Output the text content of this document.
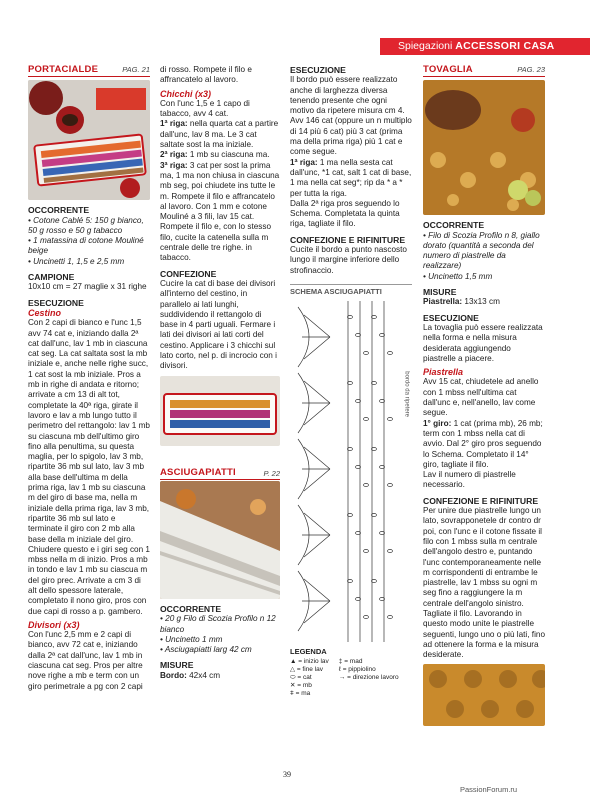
Spiegazioni ACCESSORI CASA
PORTACIALDE	PAG. 21
OCCORRENTE
• Cotone Cablé 5: 150 g bianco, 50 g rosso e 50 g tabacco
• 1 matassina di cotone Mouliné beige
• Uncinetti 1, 1,5 e 2,5 mm
CAMPIONE
10x10 cm = 27 maglie x 31 righe
ESECUZIONE
Cestino
Con 2 capi di bianco e l'unc 1,5 avv 74 cat e, iniziando dalla 2ª cat dall'unc, lav 1 mb in ciascuna cat seg. La cat saltata sost la mb iniziale e, anche nelle righe succ, 1 cat sost la mb iniziale. Pros a mb in righe di andata e ritorno; arrivate a cm 13 di alt tot, completate la 40ª riga, girate il lavoro e lav a mb lungo tutto il perimetro del rettangolo: lav 1 mb su ciascuna mb dell'ultimo giro fino alla penultima, su questa maglia, per lo spigolo, lav 3 mb, ripartite 36 mb sul lato, lav 3 mb alla base dell'ultima m della prima riga, lav 1 mb su ciascuna m del giro di base ma, nella m iniziale della prima riga, lav 3 mb, ripartite 36 mb sul lato e terminate il giro con 2 mb alla base della m iniziale del giro. Chiudere questo e i giri seg con 1 mbss nella m di inizio. Pros a mb in tondo e lav 1 mb su ciascua m del giro prec. Arrivate a cm 3 di alt dello spessore laterale, completato il nono giro, pros con due capi di rosso a p. gambero.
Divisori (x3)
Con l'unc 2,5 mm e 2 capi di bianco, avv 72 cat e, iniziando dalla 2ª cat dall'unc, lav 1 mb in ciascuna cat seg. Pros per altre nove righe a mb e term con un giro perimetrale a pg con 2 capi
di rosso. Rompete il filo e affrancatelo al lavoro.
Chicchi (x3)
Con l'unc 1,5 e 1 capo di tabacco, avv 4 cat.
1ª riga: nella quarta cat a partire dall'unc, lav 8 ma. Le 3 cat saltate sost la ma iniziale.
2ª riga: 1 mb su ciascuna ma.
3ª riga: 3 cat per sost la prima ma, 1 ma non chiusa in ciascuna mb seg, poi chiudete ins tutte le m. Rompete il filo e affrancatelo al lavoro. Con 1 mm e cotone Mouliné a 3 fili, lav 15 cat. Rompete il filo e, con lo stesso filo, cucite la catenella sulla m centrale delle tre righe. in tabacco.
CONFEZIONE
Cucire la cat di base dei divisori all'interno del cestino, in parallelo ai lati lunghi, suddividendo il rettangolo di base in 4 parti uguali. Fermare i lati dei divisori ai lati corti del cestino. Applicare i 3 chicchi sul lato corto, nel p. di incrocio con i divisori.
ASCIUGAPIATTI	P. 22
OCCORRENTE
• 20 g Filo di Scozia Profilo n 12 bianco
• Uncinetto 1 mm
• Asciugapiatti larg 42 cm
MISURE
Bordo: 42x4 cm
ESECUZIONE
Il bordo può essere realizzato anche di larghezza diversa tenendo presente che ogni motivo da ripetere misura cm 4. Avv 146 cat (oppure un n multiplo di 14 più 6 cat) più 3 cat (prima ma della prima riga) più 1 cat e come segue.
1ª riga: 1 ma nella sesta cat dall'unc, *1 cat, salt 1 cat di base, 1 ma nella cat seg*; rip da * a * per tutta la riga.
Dalla 2ª riga pros seguendo lo Schema. Completata la quinta riga, tagliate il filo.
CONFEZIONE E RIFINITURE
Cucite il bordo a punto nascosto lungo il margine inferiore dello strofinaccio.
SCHEMA ASCIUGAPIATTI
bordo da ripetere
LEGENDA
▲ = inizio lav
△ = fine lav
⬭ = cat
✕ = mb
ǂ = ma
‡ = mad
ℓ = pippiolino
→ = direzione lavoro
TOVAGLIA	PAG. 23
OCCORRENTE
• Filo di Scozia Profilo n 8, giallo dorato (quantità a seconda del numero di piastrelle da realizzare)
• Uncinetto 1,5 mm
MISURE
Piastrella: 13x13 cm
ESECUZIONE
La tovaglia può essere realizzata nella forma e nella misura desiderata aggiungendo piastrelle a piacere.
Piastrella
Avv 15 cat, chiudetele ad anello con 1 mbss nell'ultima cat dall'unc e, nell'anello, lav come segue.
1° giro: 1 cat (prima mb), 26 mb; term con 1 mbss nella cat di avvio. Dal 2° giro pros seguendo lo Schema. Completato il 14° giro, tagliate il filo.
Lav il numero di piastrelle necessario.
CONFEZIONE E RIFINITURE
Per unire due piastrelle lungo un lato, sovrapponetele dr contro dr poi, con l'unc e il cotone fissate il filo con 1 mbss sulla m centrale dell'angolo destro e, puntando l'unc contemporaneamente nelle m corrispondenti di entrambe le piastrelle, lav 1 mbss su ogni m seg fino a raggiungere la m centrale dell'angolo sinistro. Tagliate il filo. Lavorando in questo modo unite le piastrelle seguenti, lungo uno o più lati, fino ad ottenere la forma e la misura desiderate.
39
PassionForum.ru
